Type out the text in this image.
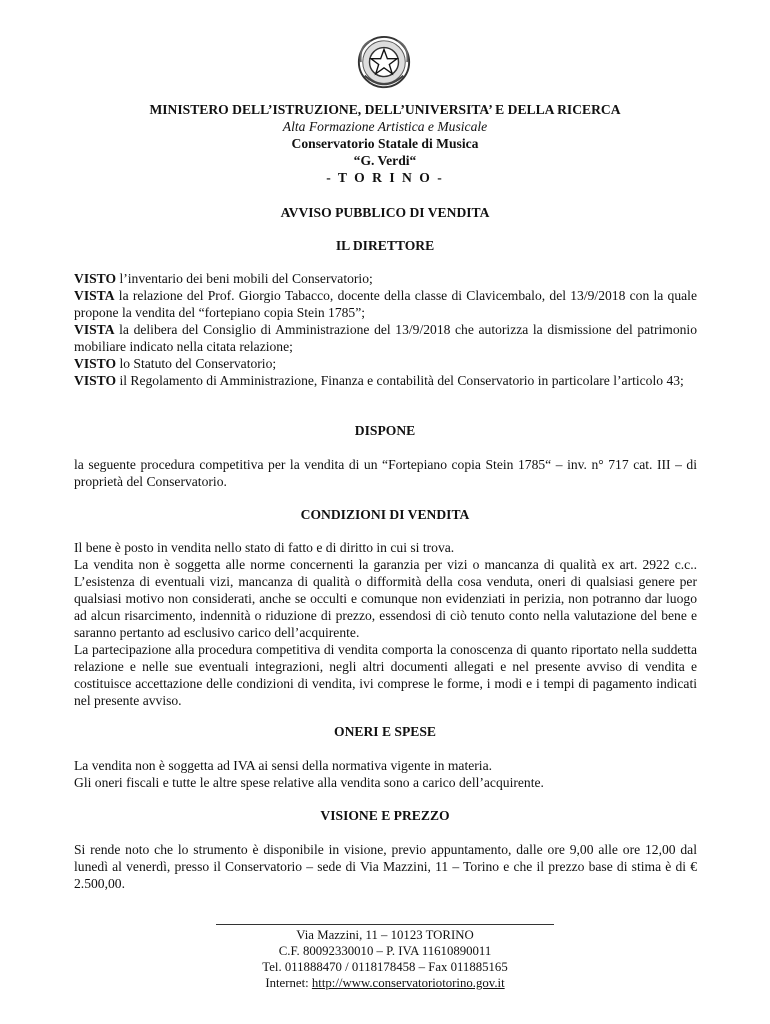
MINISTERO DELL’ISTRUZIONE, DELL’UNIVERSITA’ E DELLA RICERCA
Alta Formazione Artistica e Musicale
Conservatorio Statale di Musica
“G. Verdi“
- T O R I N O -
AVVISO PUBBLICO DI VENDITA
IL DIRETTORE

VISTO l’inventario dei beni mobili del Conservatorio;

VISTA la relazione del Prof. Giorgio Tabacco, docente della classe di Clavicembalo, del 13/9/2018 con la quale propone la vendita del “fortepiano copia Stein 1785”;

VISTA la delibera del Consiglio di Amministrazione del 13/9/2018 che autorizza la dismissione del patrimonio mobiliare indicato nella citata relazione;

VISTO lo Statuto del Conservatorio;

VISTO il Regolamento di Amministrazione, Finanza e contabilità del Conservatorio in particolare l’articolo 43;

DISPONE

la seguente procedura competitiva per la vendita di un “Fortepiano copia Stein 1785“ – inv. n° 717 cat. III – di proprietà del Conservatorio.

CONDIZIONI DI VENDITA

Il bene è posto in vendita nello stato di fatto e di diritto in cui si trova.

La vendita non è soggetta alle norme concernenti la garanzia per vizi o mancanza di qualità ex art. 2922 c.c.. L’esistenza di eventuali vizi, mancanza di qualità o difformità della cosa venduta, oneri di qualsiasi genere per qualsiasi motivo non considerati, anche se occulti e comunque non evidenziati in perizia, non potranno dar luogo ad alcun risarcimento, indennità o riduzione di prezzo, essendosi di ciò tenuto conto nella valutazione del bene e saranno pertanto ad esclusivo carico dell’acquirente.

La partecipazione alla procedura competitiva di vendita comporta la conoscenza di quanto riportato nella suddetta relazione e nelle sue eventuali integrazioni, negli altri documenti allegati e nel presente avviso di vendita e costituisce accettazione delle condizioni di vendita, ivi comprese le forme, i modi e i tempi di pagamento indicati nel presente avviso.

ONERI E SPESE

La vendita non è soggetta ad IVA ai sensi della normativa vigente in materia.

Gli oneri fiscali e tutte le altre spese relative alla vendita sono a carico dell’acquirente.

VISIONE E PREZZO

Si rende noto che lo strumento è disponibile in visione, previo appuntamento, dalle ore 9,00 alle ore 12,00 dal lunedì al venerdì, presso il Conservatorio – sede di Via Mazzini, 11 – Torino e che il prezzo base di stima è di € 2.500,00.

Via Mazzini, 11 – 10123 TORINO
C.F. 80092330010 – P. IVA 11610890011
Tel. 011888470 / 0118178458 – Fax 011885165
Internet: http://www.conservatoriotorino.gov.it
